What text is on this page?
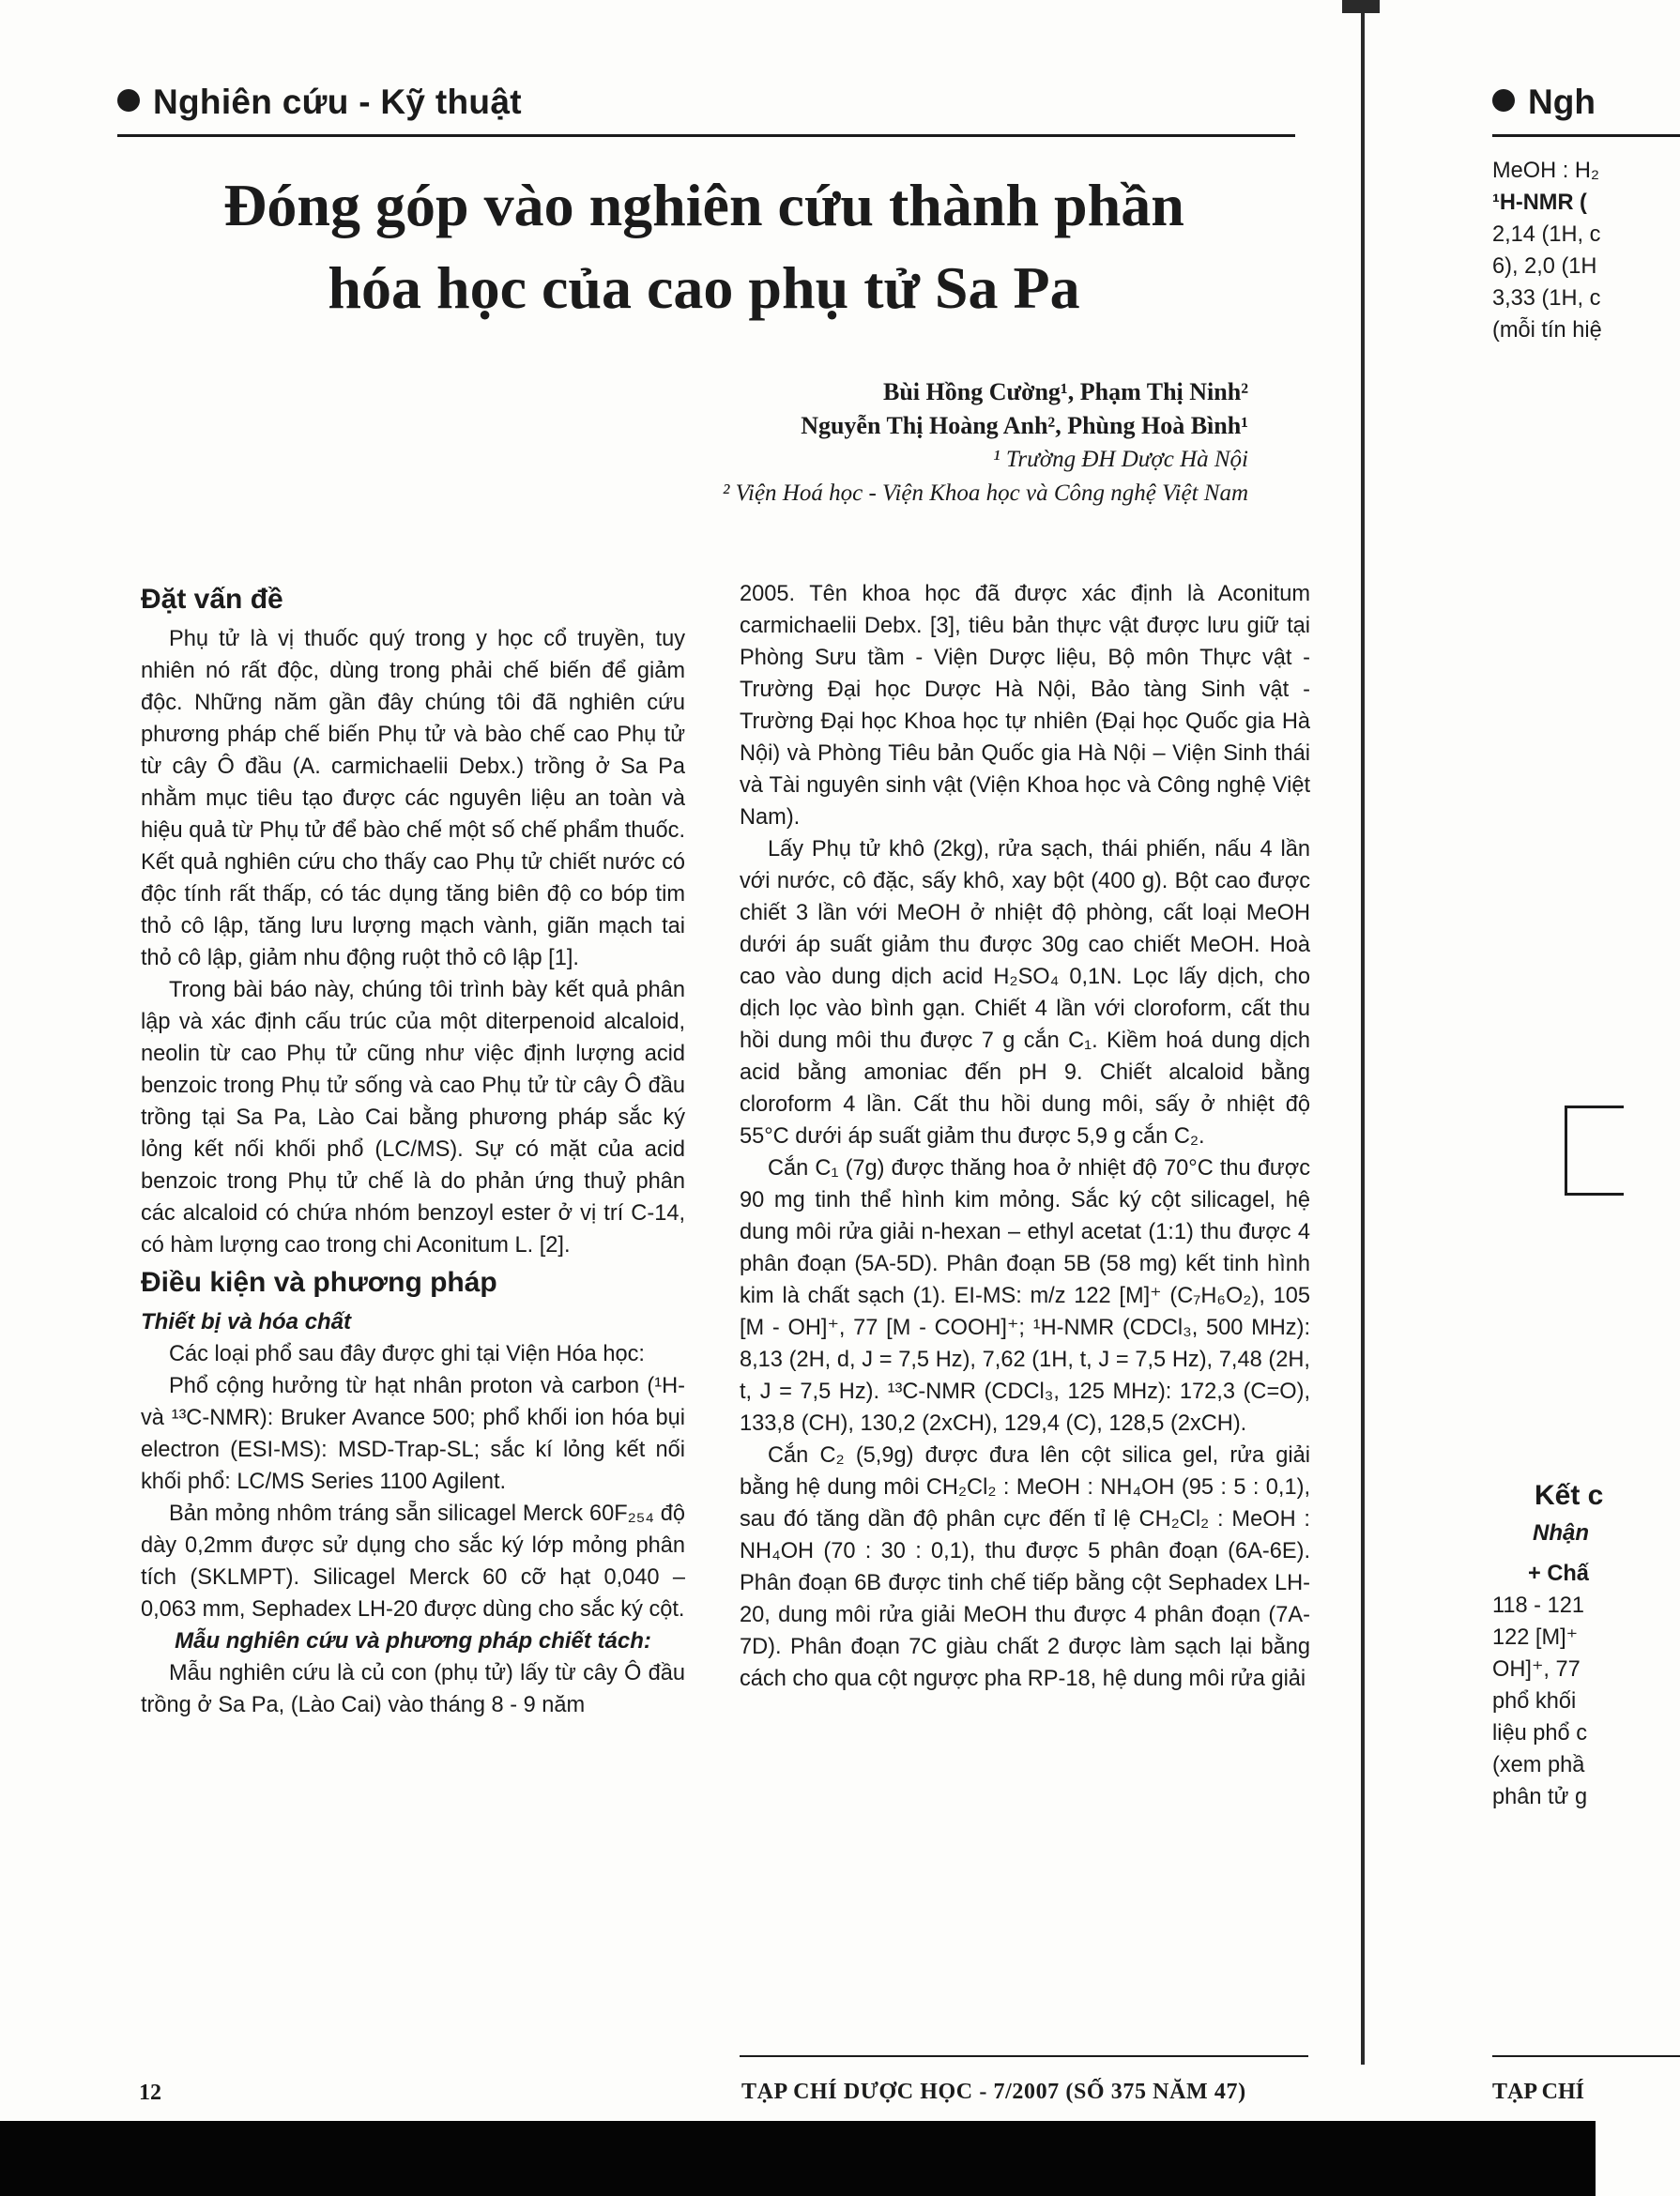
Nghiên cứu - Kỹ thuật
Đóng góp vào nghiên cứu thành phần
hóa học của cao phụ tử Sa Pa
Bùi Hồng Cường¹, Phạm Thị Ninh²
Nguyễn Thị Hoàng Anh², Phùng Hoà Bình¹
¹ Trường ĐH Dược Hà Nội
² Viện Hoá học - Viện Khoa học và Công nghệ Việt Nam
Đặt vấn đề

Phụ tử là vị thuốc quý trong y học cổ truyền, tuy nhiên nó rất độc, dùng trong phải chế biến để giảm độc. Những năm gần đây chúng tôi đã nghiên cứu phương pháp chế biến Phụ tử và bào chế cao Phụ tử từ cây Ô đầu (A. carmichaelii Debx.) trồng ở Sa Pa nhằm mục tiêu tạo được các nguyên liệu an toàn và hiệu quả từ Phụ tử để bào chế một số chế phẩm thuốc. Kết quả nghiên cứu cho thấy cao Phụ tử chiết nước có độc tính rất thấp, có tác dụng tăng biên độ co bóp tim thỏ cô lập, tăng lưu lượng mạch vành, giãn mạch tai thỏ cô lập, giảm nhu động ruột thỏ cô lập [1].

Trong bài báo này, chúng tôi trình bày kết quả phân lập và xác định cấu trúc của một diterpenoid alcaloid, neolin từ cao Phụ tử cũng như việc định lượng acid benzoic trong Phụ tử sống và cao Phụ tử từ cây Ô đầu trồng tại Sa Pa, Lào Cai bằng phương pháp sắc ký lỏng kết nối khối phổ (LC/MS). Sự có mặt của acid benzoic trong Phụ tử chế là do phản ứng thuỷ phân các alcaloid có chứa nhóm benzoyl ester ở vị trí C-14, có hàm lượng cao trong chi Aconitum L. [2].

Điều kiện và phương pháp
Thiết bị và hóa chất

Các loại phổ sau đây được ghi tại Viện Hóa học:

Phổ cộng hưởng từ hạt nhân proton và carbon (¹H- và ¹³C-NMR): Bruker Avance 500; phổ khối ion hóa bụi electron (ESI-MS): MSD-Trap-SL; sắc kí lỏng kết nối khối phổ: LC/MS Series 1100 Agilent.

Bản mỏng nhôm tráng sẵn silicagel Merck 60F₂₅₄ độ dày 0,2mm được sử dụng cho sắc ký lớp mỏng phân tích (SKLMPT). Silicagel Merck 60 cỡ hạt 0,040 – 0,063 mm, Sephadex LH-20 được dùng cho sắc ký cột.

Mẫu nghiên cứu và phương pháp chiết tách:

Mẫu nghiên cứu là củ con (phụ tử) lấy từ cây Ô đầu trồng ở Sa Pa, (Lào Cai) vào tháng 8 - 9 năm

2005. Tên khoa học đã được xác định là Aconitum carmichaelii Debx. [3], tiêu bản thực vật được lưu giữ tại Phòng Sưu tầm - Viện Dược liệu, Bộ môn Thực vật - Trường Đại học Dược Hà Nội, Bảo tàng Sinh vật - Trường Đại học Khoa học tự nhiên (Đại học Quốc gia Hà Nội) và Phòng Tiêu bản Quốc gia Hà Nội – Viện Sinh thái và Tài nguyên sinh vật (Viện Khoa học và Công nghệ Việt Nam).

Lấy Phụ tử khô (2kg), rửa sạch, thái phiến, nấu 4 lần với nước, cô đặc, sấy khô, xay bột (400 g). Bột cao được chiết 3 lần với MeOH ở nhiệt độ phòng, cất loại MeOH dưới áp suất giảm thu được 30g cao chiết MeOH. Hoà cao vào dung dịch acid H₂SO₄ 0,1N. Lọc lấy dịch, cho dịch lọc vào bình gạn. Chiết 4 lần với cloroform, cất thu hồi dung môi thu được 7 g cắn C₁. Kiềm hoá dung dịch acid bằng amoniac đến pH 9. Chiết alcaloid bằng cloroform 4 lần. Cất thu hồi dung môi, sấy ở nhiệt độ 55°C dưới áp suất giảm thu được 5,9 g cắn C₂.

Cắn C₁ (7g) được thăng hoa ở nhiệt độ 70°C thu được 90 mg tinh thể hình kim mỏng. Sắc ký cột silicagel, hệ dung môi rửa giải n-hexan – ethyl acetat (1:1) thu được 4 phân đoạn (5A-5D). Phân đoạn 5B (58 mg) kết tinh hình kim là chất sạch (1). EI-MS: m/z 122 [M]⁺ (C₇H₆O₂), 105 [M - OH]⁺, 77 [M - COOH]⁺; ¹H-NMR (CDCl₃, 500 MHz): 8,13 (2H, d, J = 7,5 Hz), 7,62 (1H, t, J = 7,5 Hz), 7,48 (2H, t, J = 7,5 Hz). ¹³C-NMR (CDCl₃, 125 MHz): 172,3 (C=O), 133,8 (CH), 130,2 (2xCH), 129,4 (C), 128,5 (2xCH).

Cắn C₂ (5,9g) được đưa lên cột silica gel, rửa giải bằng hệ dung môi CH₂Cl₂ : MeOH : NH₄OH (95 : 5 : 0,1), sau đó tăng dần độ phân cực đến tỉ lệ CH₂Cl₂ : MeOH : NH₄OH (70 : 30 : 0,1), thu được 5 phân đoạn (6A-6E). Phân đoạn 6B được tinh chế tiếp bằng cột Sephadex LH-20, dung môi rửa giải MeOH thu được 4 phân đoạn (7A-7D). Phân đoạn 7C giàu chất 2 được làm sạch lại bằng cách cho qua cột ngược pha RP-18, hệ dung môi rửa giải

12	TẠP CHÍ DƯỢC HỌC - 7/2007 (SỐ 375 NĂM 47)
Ngh
MeOH : H₂
¹H-NMR (
2,14 (1H, c
6), 2,0 (1H
3,33 (1H, c
(mỗi tín hiệ
Kết c
Nhận
+ Chấ
118 - 121
122 [M]⁺
OH]⁺, 77
phổ khối
liệu phổ c
(xem phầ
phân tử g
TẠP CHÍ
